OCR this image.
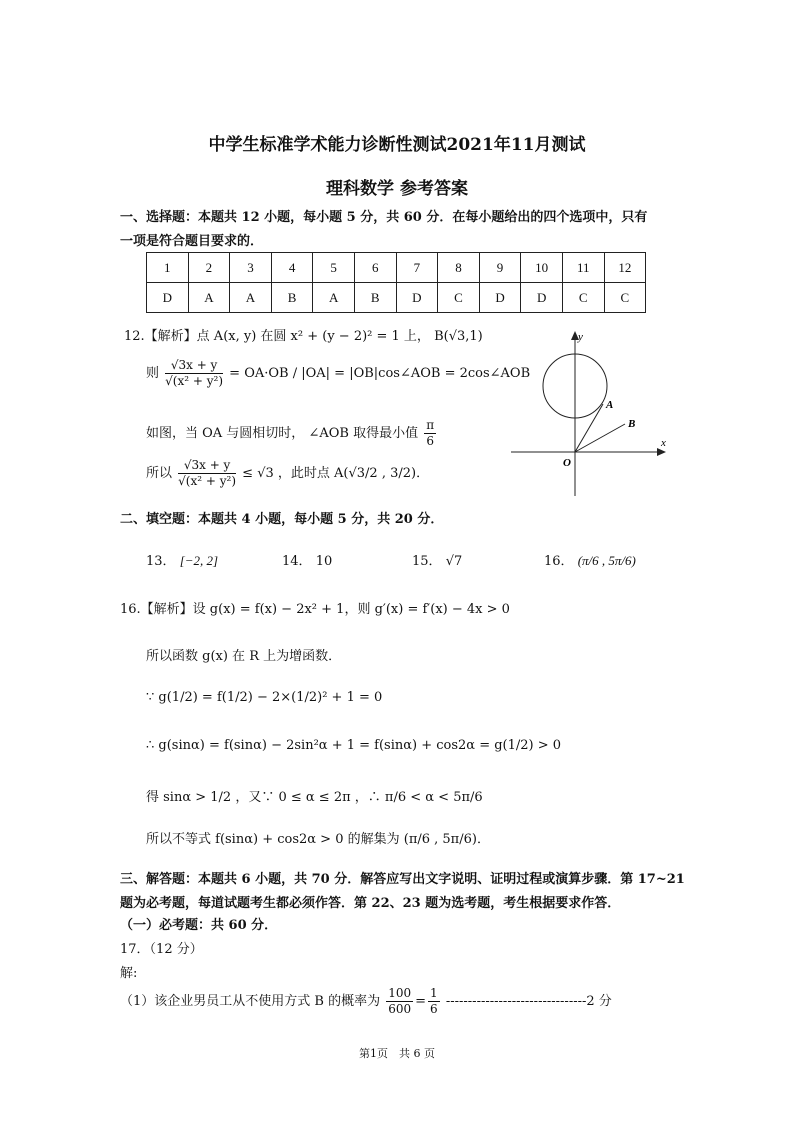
中学生标准学术能力诊断性测试2021年11月测试
理科数学 参考答案
一、选择题：本题共 12 小题，每小题 5 分，共 60 分．在每小题给出的四个选项中，只有
一项是符合题目要求的．
1	2	3	4	5	6	7	8	9	10	11	12
D	A	A	B	A	B	D	C	D	D	C	C
12.【解析】点 A(x, y) 在圆 x² + (y − 2)² = 1 上， B(√3,1)
则 $\frac{√3x + y}{\text{√(x² + y²)}} = OA\cdot OB / |OA|$ = |OB|cos∠AOB = 2cos∠AOB
如图，当 OA 与圆相切时， ∠AOB 取得最小值 $\frac{\pi}{6}$
所以 $\frac{√3x + y}{\text{√(x² + y²)}} \le √3$ ，此时点 A(√3/2 , 3/2)．
y
x
O
A
B
二、填空题：本题共 4 小题，每小题 5 分，共 20 分．
13． [−2, 2]	14． 10	15． √7	16． (π/6 , 5π/6)
16.【解析】设 g(x) = f(x) − 2x² + 1，则 g′(x) = f′(x) − 4x > 0
所以函数 g(x) 在 R 上为增函数．
∵ g(1/2) = f(1/2) − 2×(1/2)² + 1 = 0
∴ g(sinα) = f(sinα) − 2sin²α + 1 = f(sinα) + cos2α = g(1/2) > 0
得 sinα > 1/2 ，又∵ 0 ≤ α ≤ 2π ，∴ π/6 < α < 5π/6
所以不等式 f(sinα) + cos2α > 0 的解集为 (π/6 , 5π/6)．
三、解答题：本题共 6 小题，共 70 分．解答应写出文字说明、证明过程或演算步骤．第 17~21
题为必考题，每道试题考生都必须作答．第 22、23 题为选考题，考生根据要求作答．
（一）必考题：共 60 分．
17．（12 分）
解:
（1）该企业男员工从不使用方式 B 的概率为 $\frac{100}{600} = \frac{1}{6} --------------------------------2$ 分
第1页　共 6 页
